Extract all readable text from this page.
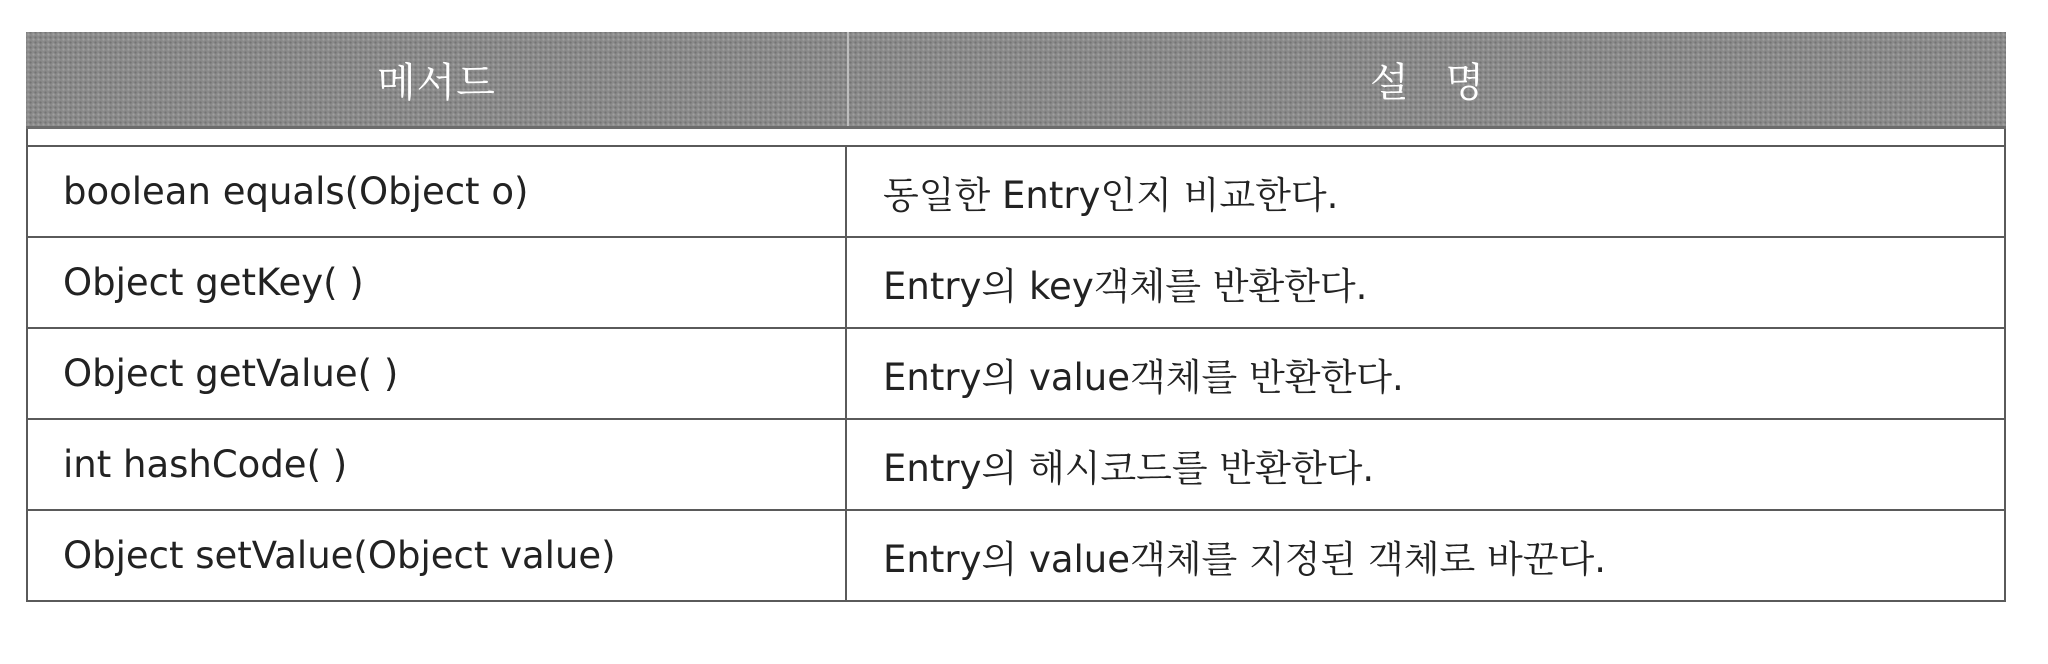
메서드	설 명
boolean equals(Object o)	동일한 Entry인지 비교한다.
Object getKey( )	Entry의 key객체를 반환한다.
Object getValue( )	Entry의 value객체를 반환한다.
int hashCode( )	Entry의 해시코드를 반환한다.
Object setValue(Object value)	Entry의 value객체를 지정된 객체로 바꾼다.
